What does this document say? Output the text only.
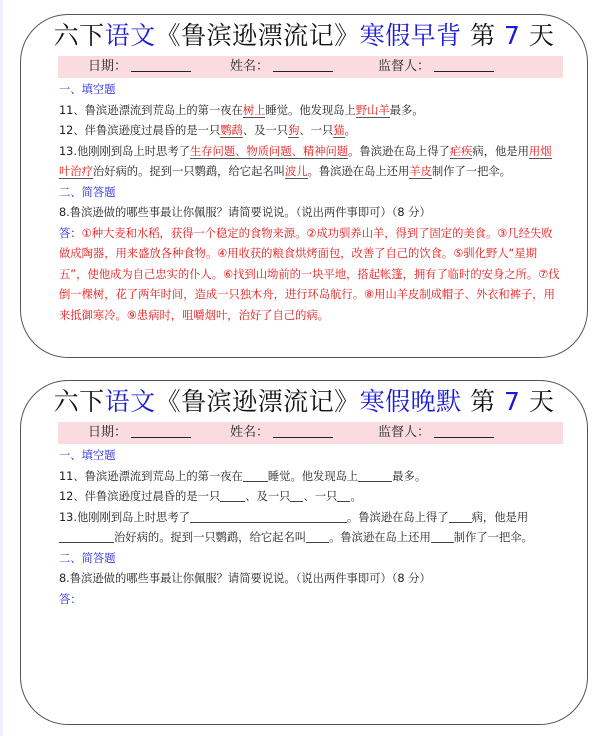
六下语文《鲁滨逊漂流记》寒假早背 第 7 天
日期：	姓名：	监督人：

一、填空题

11、鲁滨逊漂流到荒岛上的第一夜在树上睡觉。他发现岛上野山羊最多。

12、伴鲁滨逊度过晨昏的是一只鹦鹉、及一只狗、一只猫。

13.他刚刚到岛上时思考了生存问题、物质问题、精神问题。鲁滨逊在岛上得了疟疾病，他是用用烟叶治疗治好病的。捉到一只鹦鹉，给它起名叫波儿。鲁滨逊在岛上还用羊皮制作了一把伞。

二、简答题

8.鲁滨逊做的哪些事最让你佩服？请简要说说。（说出两件事即可）（8 分）

答：①种大麦和水稻，获得一个稳定的食物来源。②成功驯养山羊，得到了固定的美食。③几经失败做成陶器，用来盛放各种食物。④用收获的粮食烘烤面包，改善了自己的饮食。⑤驯化野人“星期五”，使他成为自己忠实的仆人。⑥找到山坳前的一块平地，搭起帐篷，拥有了临时的安身之所。⑦伐倒一棵树，花了两年时间，造成一只独木舟，进行环岛航行。⑧用山羊皮制成帽子、外衣和裤子，用来抵御寒冷。⑨患病时，咀嚼烟叶，治好了自己的病。

六下语文《鲁滨逊漂流记》寒假晚默 第 7 天
日期：	姓名：	监督人：

一、填空题

11、鲁滨逊漂流到荒岛上的第一夜在 睡觉。他发现岛上	最多。

12、伴鲁滨逊度过晨昏的是一只 、及一只 、一只 。

13.他刚刚到岛上时思考了	。鲁滨逊在岛上得了 病，他是用治好病的。捉到一只鹦鹉，给它起名叫 。鲁滨逊在岛上还用 制作了一把伞。

二、简答题

8.鲁滨逊做的哪些事最让你佩服？请简要说说。（说出两件事即可）（8 分）

答：
